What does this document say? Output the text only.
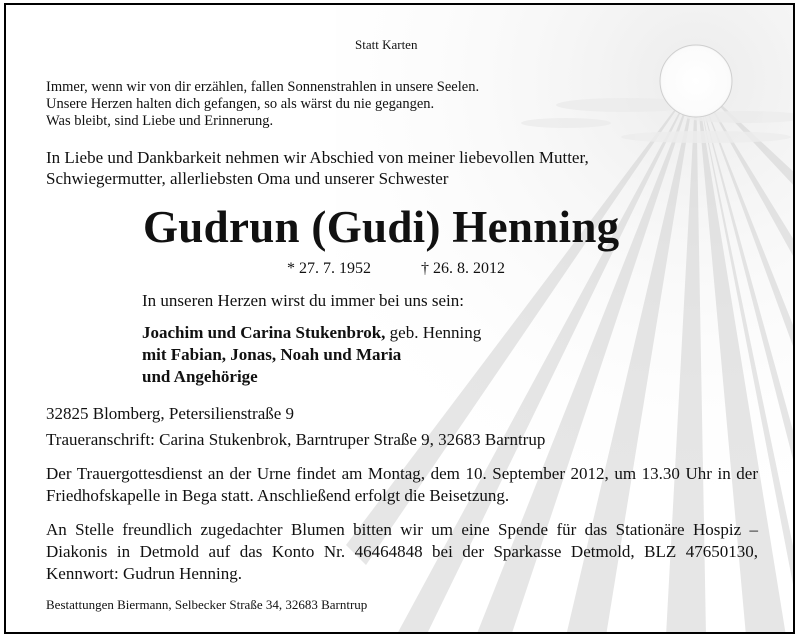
Statt Karten
Immer, wenn wir von dir erzählen, fallen Sonnenstrahlen in unsere Seelen.
Unsere Herzen halten dich gefangen, so als wärst du nie gegangen.
Was bleibt, sind Liebe und Erinnerung.
In Liebe und Dankbarkeit nehmen wir Abschied von meiner liebevollen Mutter,
Schwiegermutter, allerliebsten Oma und unserer Schwester
Gudrun (Gudi) Henning
* 27. 7. 1952	† 26. 8. 2012
In unseren Herzen wirst du immer bei uns sein:
Joachim und Carina Stukenbrok, geb. Henning
mit Fabian, Jonas, Noah und Maria
und Angehörige
32825 Blomberg, Petersilienstraße 9
Traueranschrift: Carina Stukenbrok, Barntruper Straße 9, 32683 Barntrup
Der Trauergottesdienst an der Urne findet am Montag, dem 10. September 2012, um 13.30 Uhr in der Friedhofskapelle in Bega statt. Anschließend erfolgt die Beisetzung.
An Stelle freundlich zugedachter Blumen bitten wir um eine Spende für das Stationäre Hospiz – Diakonis in Detmold auf das Konto Nr. 46464848 bei der Sparkasse Detmold, BLZ 47650130, Kennwort: Gudrun Henning.
Bestattungen Biermann, Selbecker Straße 34, 32683 Barntrup
